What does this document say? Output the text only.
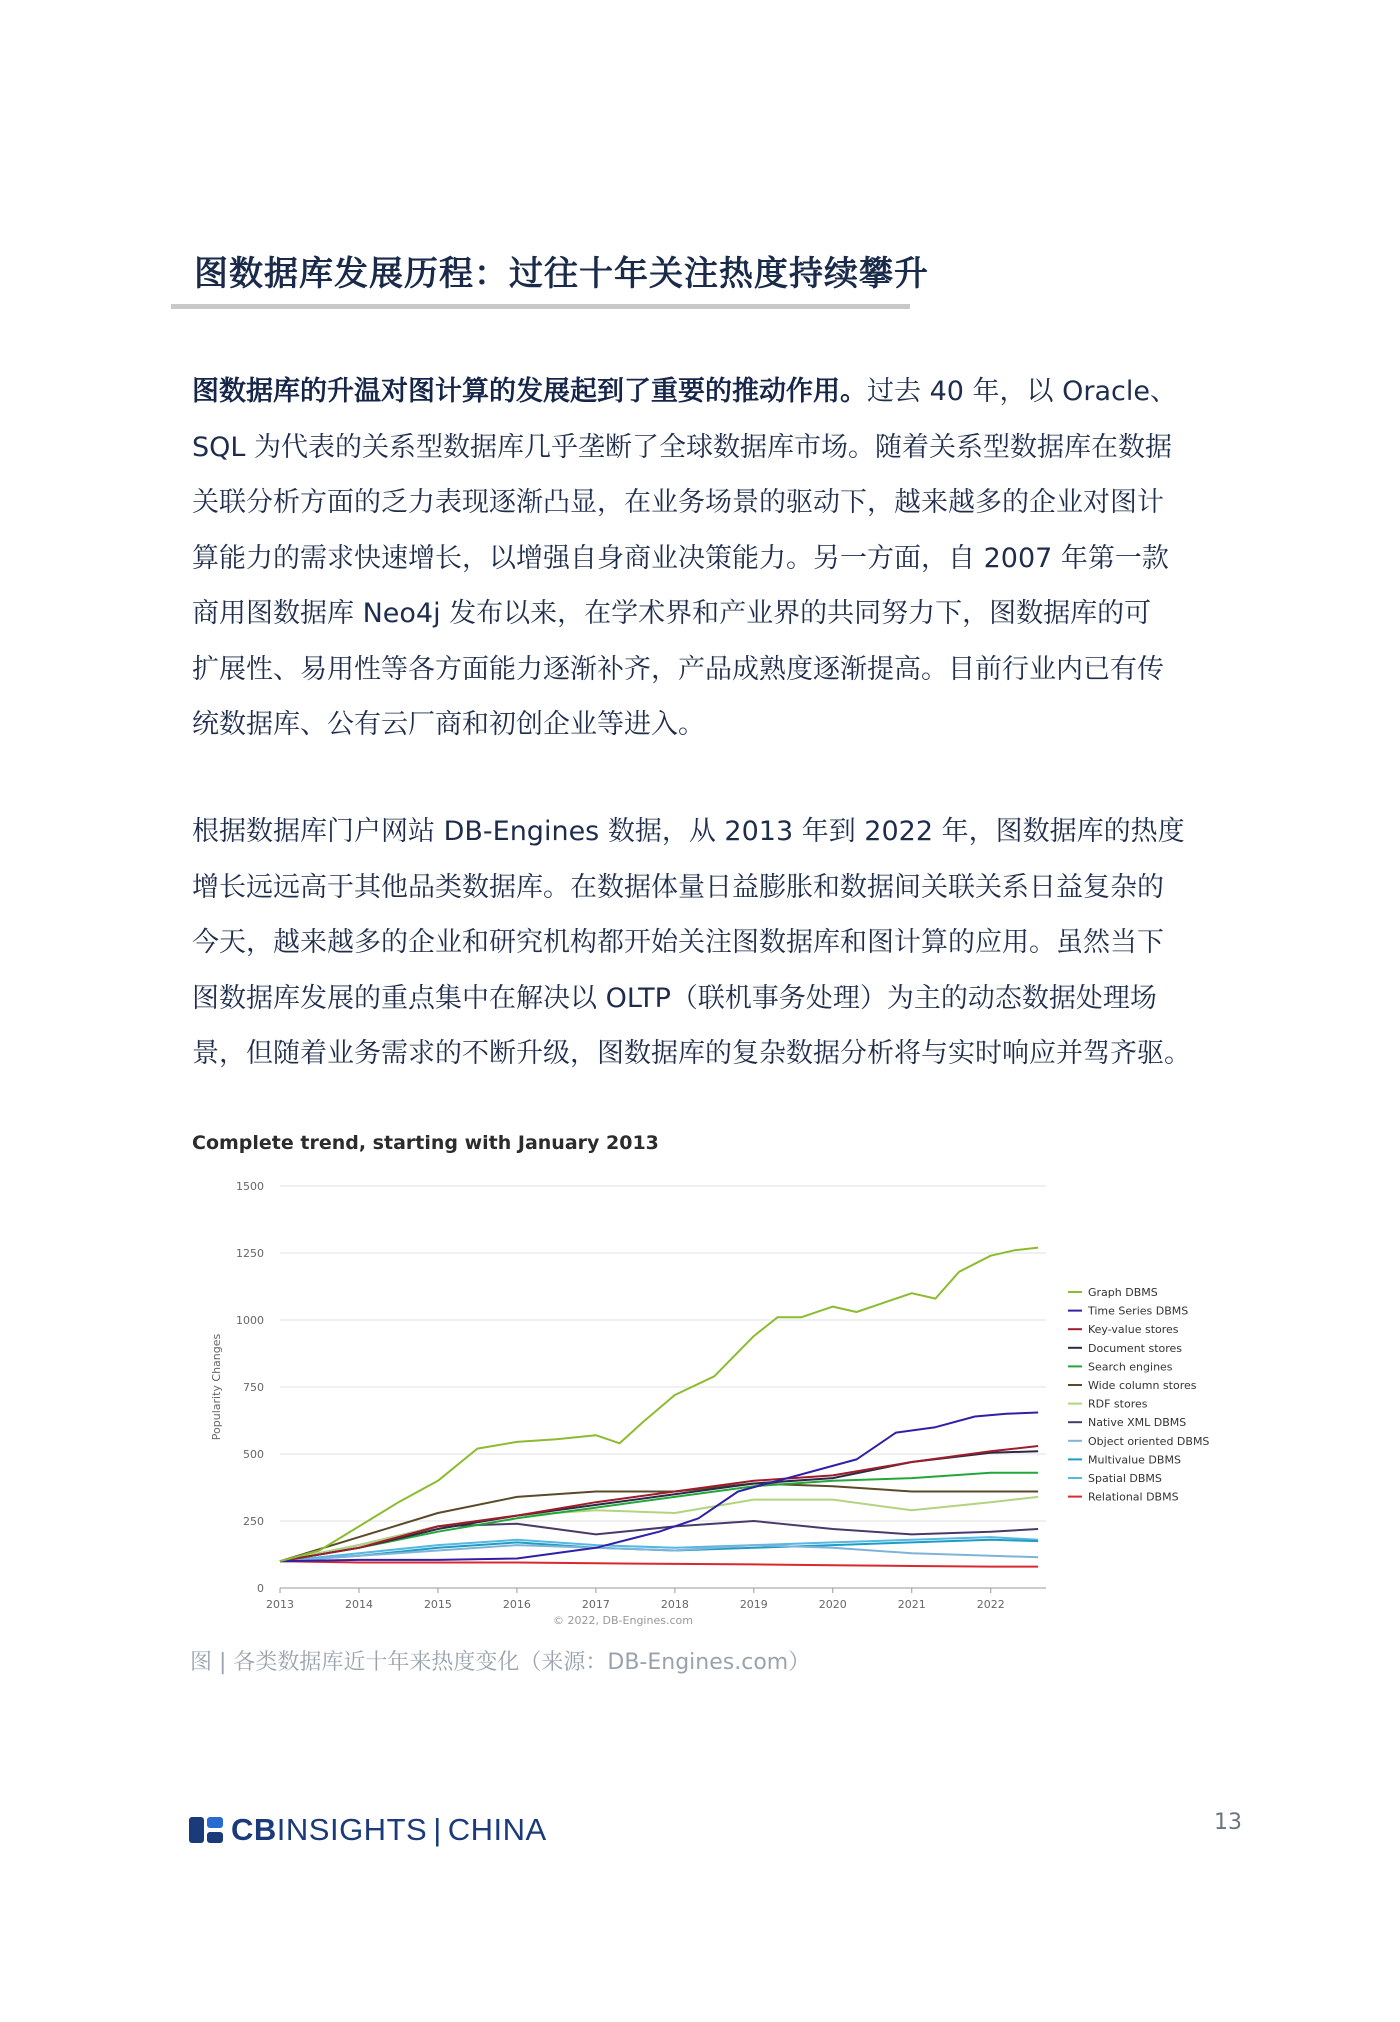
图数据库发展历程：过往十年关注热度持续攀升

图数据库的升温对图计算的发展起到了重要的推动作用。过去 40 年，以 Oracle、
SQL 为代表的关系型数据库几乎垄断了全球数据库市场。随着关系型数据库在数据
关联分析方面的乏力表现逐渐凸显，在业务场景的驱动下，越来越多的企业对图计
算能力的需求快速增长，以增强自身商业决策能力。另一方面，自 2007 年第一款
商用图数据库 Neo4j 发布以来，在学术界和产业界的共同努力下，图数据库的可
扩展性、易用性等各方面能力逐渐补齐，产品成熟度逐渐提高。目前行业内已有传
统数据库、公有云厂商和初创企业等进入。

根据数据库门户网站 DB-Engines 数据，从 2013 年到 2022 年，图数据库的热度
增长远远高于其他品类数据库。在数据体量日益膨胀和数据间关联关系日益复杂的
今天，越来越多的企业和研究机构都开始关注图数据库和图计算的应用。虽然当下
图数据库发展的重点集中在解决以 OLTP（联机事务处理）为主的动态数据处理场
景，但随着业务需求的不断升级，图数据库的复杂数据分析将与实时响应并驾齐驱。

Complete trend, starting with January 2013
0
250
500
750
1000
1250
1500
2013	2014	2015	2016	2017	2018	2019	2020	2021	2022
Popularity Changes
© 2022, DB-Engines.com
Graph DBMS
Time Series DBMS
Key-value stores
Document stores
Search engines
Wide column stores
RDF stores
Native XML DBMS
Object oriented DBMS
Multivalue DBMS
Spatial DBMS
Relational DBMS
图 | 各类数据库近十年来热度变化（来源：DB-Engines.com）
CBINSIGHTS | CHINA	13
